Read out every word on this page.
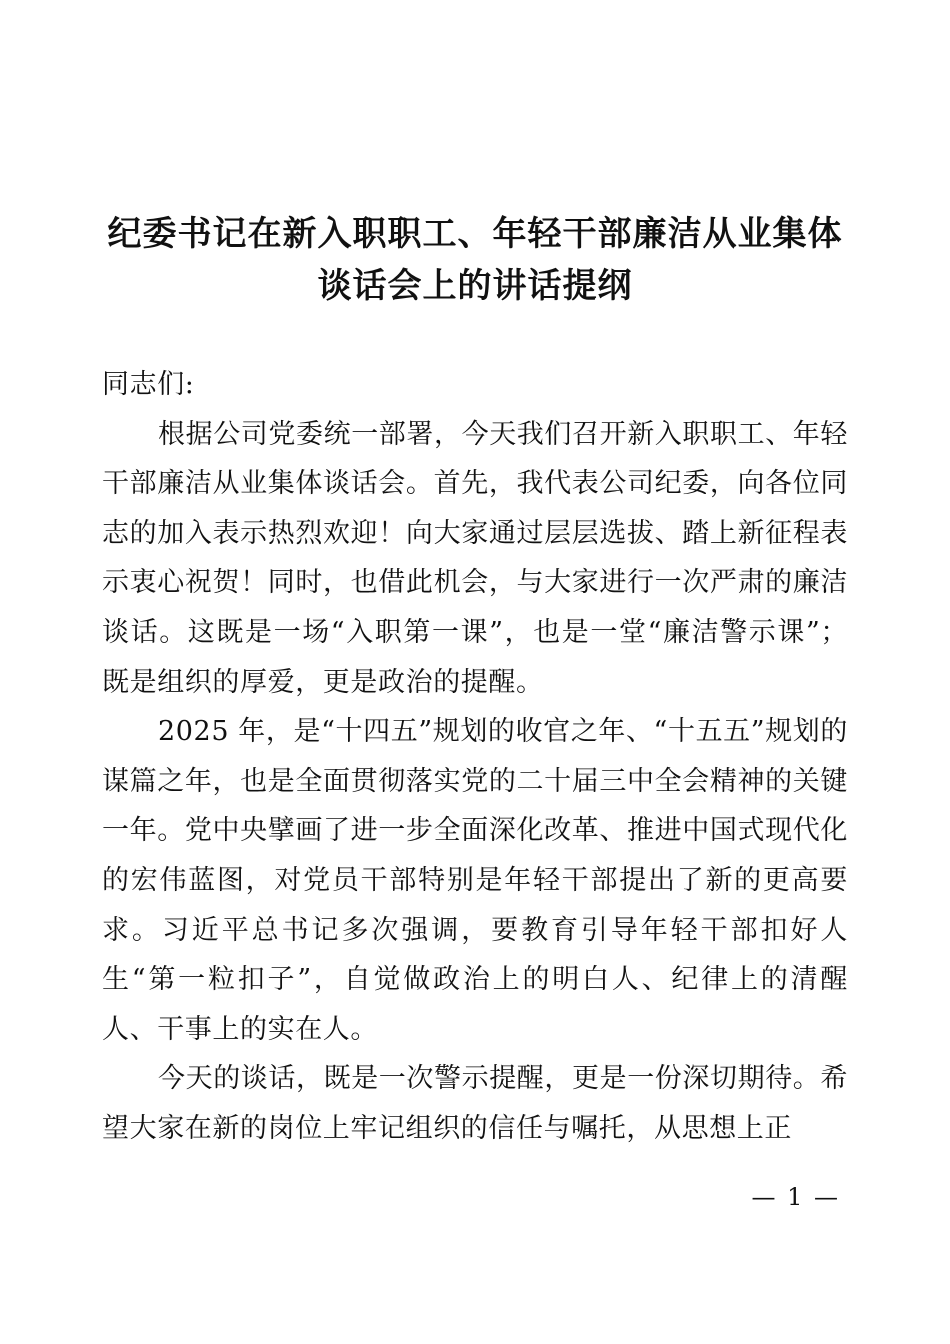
纪委书记在新入职职工、年轻干部廉洁从业集体
谈话会上的讲话提纲

同志们:

根据公司党委统一部署，今天我们召开新入职职工、年轻干部廉洁从业集体谈话会。首先，我代表公司纪委，向各位同志的加入表示热烈欢迎！向大家通过层层选拔、踏上新征程表示衷心祝贺！同时，也借此机会，与大家进行一次严肃的廉洁谈话。这既是一场“入职第一课”，也是一堂“廉洁警示课”；既是组织的厚爱，更是政治的提醒。

2025 年，是“十四五”规划的收官之年、“十五五”规划的谋篇之年，也是全面贯彻落实党的二十届三中全会精神的关键一年。党中央擘画了进一步全面深化改革、推进中国式现代化的宏伟蓝图，对党员干部特别是年轻干部提出了新的更高要求。习近平总书记多次强调，要教育引导年轻干部扣好人生“第一粒扣子”，自觉做政治上的明白人、纪律上的清醒人、干事上的实在人。

今天的谈话，既是一次警示提醒，更是一份深切期待。希望大家在新的岗位上牢记组织的信任与嘱托，从思想上正

— 1 —
